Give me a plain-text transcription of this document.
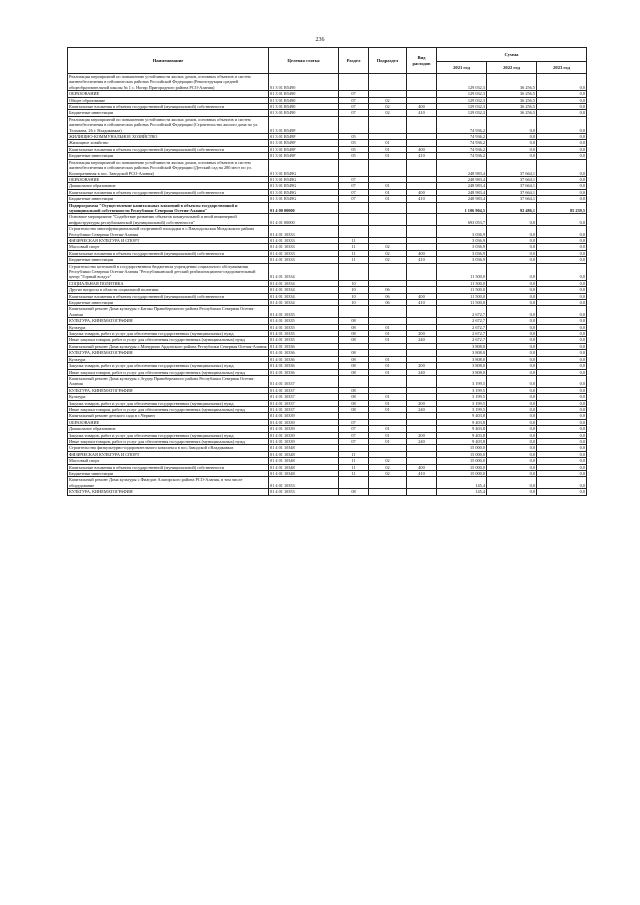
236
Наименование	Целевая статья	Раздел	Подраздел	Вид расходов	Сумма		
					2021 год	2022 год	2023 год
Реализация мероприятий по повышению устойчивости жилых домов, основных объектов и систем жизнеобеспечения в сейсмических районах Российской Федерации (Реконструкция средней общеобразовательной школы № 1 с. Ногир Пригородного района РСО-Алания)	01 3 01 R5490				129 032,3	36 256,5	0,0
ОБРАЗОВАНИЕ	01 3 01 R5490	07			129 032,3	36 256,5	0,0
Общее образование	01 3 01 R5490	07	02		129 032,3	36 256,5	0,0
Капитальные вложения в объекты государственной (муниципальной) собственности	01 3 01 R5490	07	02	400	129 032,3	36 256,5	0,0
Бюджетные инвестиции	01 3 01 R5490	07	02	410	129 032,3	36 256,5	0,0
Реализация мероприятий по повышению устойчивости жилых домов, основных объектов и систем жизнеобеспечения в сейсмических районах Российской Федерации (Строительство жилого дома по ул. Тельмана, 26 г. Владикавказ)	01 3 01 R549F				74 936,2	0,0	0,0
ЖИЛИЩНО-КОММУНАЛЬНОЕ ХОЗЯЙСТВО	01 3 01 R549F	05			74 936,2	0,0	0,0
Жилищное хозяйство	01 3 01 R549F	05	01		74 936,2	0,0	0,0
Капитальные вложения в объекты государственной (муниципальной) собственности	01 3 01 R549F	05	01	400	74 936,2	0,0	0,0
Бюджетные инвестиции	01 3 01 R549F	05	01	410	74 936,2	0,0	0,0
Реализация мероприятий по повышению устойчивости жилых домов, основных объектов и систем жизнеобеспечения в сейсмических районах Российской Федерации (Детский сад на 280 мест по ул. Кооперативная в пос. Заводской РСО-Алания)	01 3 01 R549G				248 983,4	37 664,1	0,0
ОБРАЗОВАНИЕ	01 3 01 R549G	07			248 983,4	37 664,1	0,0
Дошкольное образование	01 3 01 R549G	07	01		248 983,4	37 664,1	0,0
Капитальные вложения в объекты государственной (муниципальной) собственности	01 3 01 R549G	07	01	400	248 983,4	37 664,1	0,0
Бюджетные инвестиции	01 3 01 R549G	07	01	410	248 983,4	37 664,1	0,0
Подпрограмма "Осуществление капитальных вложений в объекты государственной и муниципальной собственности Республики Северная Осетия-Алания"	01 4 00 00000				1 106 904,5	92 486,1	85 239,5
Основное мероприятие "Содействие развитию объектов коммунальной и иной инженерной инфраструктуры республиканской (муниципальной) собственности"	01 4 01 00000				693 053,7	0,0	0,0
Строительство многофункциональной спортивной площадки в с.Павлодольская Моздокского района Республики Северная Осетия-Алания	01 4 01 10333				3 036,9	0,0	0,0
ФИЗИЧЕСКАЯ КУЛЬТУРА И СПОРТ	01 4 01 10333	11			3 036,9	0,0	0,0
Массовый спорт	01 4 01 10333	11	02		3 036,9	0,0	0,0
Капитальные вложения в объекты государственной (муниципальной) собственности	01 4 01 10333	11	02	400	3 036,9	0,0	0,0
Бюджетные инвестиции	01 4 01 10333	11	02	410	3 036,9	0,0	0,0
Строительство котельной в государственном бюджетном учреждении социального обслуживания Республики Северная Осетия-Алания "Республиканский детский реабилитационно-оздоровительный центр "Горный воздух"	01 4 01 10334				11 500,0	0,0	0,0
СОЦИАЛЬНАЯ ПОЛИТИКА	01 4 01 10334	10			11 500,0	0,0	0,0
Другие вопросы в области социальной политики	01 4 01 10334	10	06		11 500,0	0,0	0,0
Капитальные вложения в объекты государственной (муниципальной) собственности	01 4 01 10334	10	06	400	11 500,0	0,0	0,0
Бюджетные инвестиции	01 4 01 10334	10	06	410	11 500,0	0,0	0,0
Капитальный ремонт Дома культуры с.Батако Правобережного района Республики Северная Осетия-Алания	01 4 01 10335				2 672,7	0,0	0,0
КУЛЬТУРА, КИНЕМАТОГРАФИЯ	01 4 01 10335	08			2 672,7	0,0	0,0
Культура	01 4 01 10335	08	01		2 672,7	0,0	0,0
Закупка товаров, работ и услуг для обеспечения государственных (муниципальных) нужд	01 4 01 10335	08	01	200	2 672,7	0,0	0,0
Иные закупки товаров, работ и услуг для обеспечения государственных (муниципальных) нужд	01 4 01 10335	08	01	240	2 672,7	0,0	0,0
Капитальный ремонт Дома культуры с.Мичурино Ардонского района Республики Северная Осетия-Алания	01 4 01 10336				3 808,0	0,0	0,0
КУЛЬТУРА, КИНЕМАТОГРАФИЯ	01 4 01 10336	08			3 808,0	0,0	0,0
Культура	01 4 01 10336	08	01		3 808,0	0,0	0,0
Закупка товаров, работ и услуг для обеспечения государственных (муниципальных) нужд	01 4 01 10336	08	01	200	3 808,0	0,0	0,0
Иные закупки товаров, работ и услуг для обеспечения государственных (муниципальных) нужд	01 4 01 10336	08	01	240	3 808,0	0,0	0,0
Капитальный ремонт Дома культуры с.Згудер Правобережного района Республики Северная Осетия-Алания	01 4 01 10337				3 199,5	0,0	0,0
КУЛЬТУРА, КИНЕМАТОГРАФИЯ	01 4 01 10337	08			3 199,5	0,0	0,0
Культура	01 4 01 10337	08	01		3 199,5	0,0	0,0
Закупка товаров, работ и услуг для обеспечения государственных (муниципальных) нужд	01 4 01 10337	08	01	200	3 199,5	0,0	0,0
Иные закупки товаров, работ и услуг для обеспечения государственных (муниципальных) нужд	01 4 01 10337	08	01	240	3 199,5	0,0	0,0
Капитальный ремонт детского сада в с.Чермен	01 4 01 10339				9 403,8	0,0	0,0
ОБРАЗОВАНИЕ	01 4 01 10339	07			9 403,8	0,0	0,0
Дошкольное образование	01 4 01 10339	07	01		9 403,8	0,0	0,0
Закупка товаров, работ и услуг для обеспечения государственных (муниципальных) нужд	01 4 01 10339	07	01	200	9 403,8	0,0	0,0
Иные закупки товаров, работ и услуг для обеспечения государственных (муниципальных) нужд	01 4 01 10339	07	01	240	9 403,8	0,0	0,0
Строительство физкультурно-оздоровительного комплекса в пос.Заводской г.Владикавказ	01 4 01 10348				15 000,0	0,0	0,0
ФИЗИЧЕСКАЯ КУЛЬТУРА И СПОРТ	01 4 01 10348	11			15 000,0	0,0	0,0
Массовый спорт	01 4 01 10348	11	02		15 000,0	0,0	0,0
Капитальные вложения в объекты государственной (муниципальной) собственности	01 4 01 10348	11	02	400	15 000,0	0,0	0,0
Бюджетные инвестиции	01 4 01 10348	11	02	410	15 000,0	0,0	0,0
Капитальный ремонт Дома культуры с.Фиагдон Алагирского района РСО-Алания, в том числе оборудование	01 4 01 10353				145,4	0,0	0,0
КУЛЬТУРА, КИНЕМАТОГРАФИЯ	01 4 01 10353	08			145,4	0,0	0,0
